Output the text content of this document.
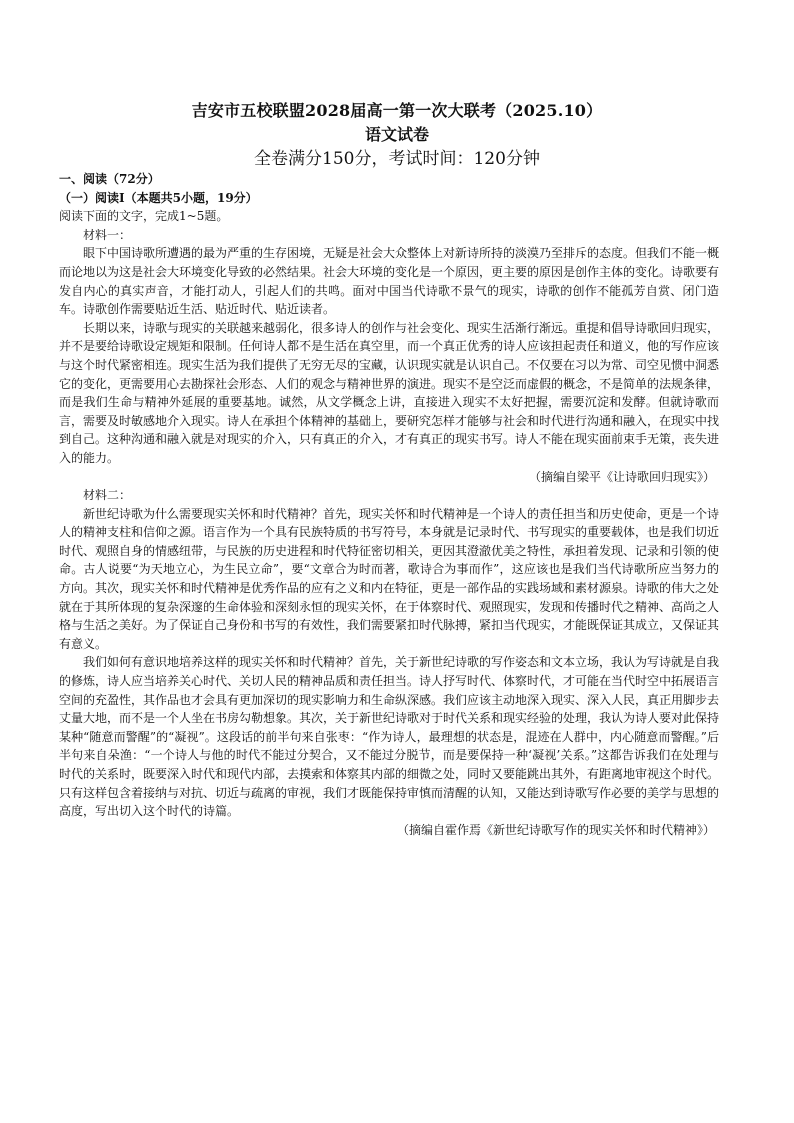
吉安市五校联盟2028届高一第一次大联考（2025.10）
语文试卷
全卷满分150分，考试时间：120分钟

一、阅读（72分）

（一）阅读Ⅰ（本题共5小题，19分）

阅读下面的文字，完成1~5题。

材料一：

眼下中国诗歌所遭遇的最为严重的生存困境，无疑是社会大众整体上对新诗所持的淡漠乃至排斥的态度。但我们不能一概而论地以为这是社会大环境变化导致的必然结果。社会大环境的变化是一个原因，更主要的原因是创作主体的变化。诗歌要有发自内心的真实声音，才能打动人，引起人们的共鸣。面对中国当代诗歌不景气的现实，诗歌的创作不能孤芳自赏、闭门造车。诗歌创作需要贴近生活、贴近时代、贴近读者。

长期以来，诗歌与现实的关联越来越弱化，很多诗人的创作与社会变化、现实生活渐行渐远。重提和倡导诗歌回归现实，并不是要给诗歌设定规矩和限制。任何诗人都不是生活在真空里，而一个真正优秀的诗人应该担起责任和道义，他的写作应该与这个时代紧密相连。现实生活为我们提供了无穷无尽的宝藏，认识现实就是认识自己。不仅要在习以为常、司空见惯中洞悉它的变化，更需要用心去勘探社会形态、人们的观念与精神世界的演进。现实不是空泛而虚假的概念，不是简单的法规条律，而是我们生命与精神外延展的重要基地。诚然，从文学概念上讲，直接进入现实不太好把握，需要沉淀和发酵。但就诗歌而言，需要及时敏感地介入现实。诗人在承担个体精神的基础上，要研究怎样才能够与社会和时代进行沟通和融入，在现实中找到自己。这种沟通和融入就是对现实的介入，只有真正的介入，才有真正的现实书写。诗人不能在现实面前束手无策，丧失进入的能力。

（摘编自梁平《让诗歌回归现实》）

材料二：

新世纪诗歌为什么需要现实关怀和时代精神？首先，现实关怀和时代精神是一个诗人的责任担当和历史使命，更是一个诗人的精神支柱和信仰之源。语言作为一个具有民族特质的书写符号，本身就是记录时代、书写现实的重要载体，也是我们切近时代、观照自身的情感纽带，与民族的历史进程和时代特征密切相关，更因其澄澈优美之特性，承担着发现、记录和引领的使命。古人说要“为天地立心，为生民立命”，要“文章合为时而著，歌诗合为事而作”，这应该也是我们当代诗歌所应当努力的方向。其次，现实关怀和时代精神是优秀作品的应有之义和内在特征，更是一部作品的实践场域和素材源泉。诗歌的伟大之处就在于其所体现的复杂深邃的生命体验和深刻永恒的现实关怀，在于体察时代、观照现实，发现和传播时代之精神、高尚之人格与生活之美好。为了保证自己身份和书写的有效性，我们需要紧扣时代脉搏，紧扣当代现实，才能既保证其成立，又保证其有意义。

我们如何有意识地培养这样的现实关怀和时代精神？首先，关于新世纪诗歌的写作姿态和文本立场，我认为写诗就是自我的修炼，诗人应当培养关心时代、关切人民的精神品质和责任担当。诗人抒写时代、体察时代，才可能在当代时空中拓展语言空间的充盈性，其作品也才会具有更加深切的现实影响力和生命纵深感。我们应该主动地深入现实、深入人民，真正用脚步去丈量大地，而不是一个人坐在书房勾勒想象。其次，关于新世纪诗歌对于时代关系和现实经验的处理，我认为诗人要对此保持某种“随意而警醒”的“凝视”。这段话的前半句来自张枣：“作为诗人，最理想的状态是，混迹在人群中，内心随意而警醒。”后半句来自朵渔：“一个诗人与他的时代不能过分契合，又不能过分脱节，而是要保持一种‘凝视’关系。”这都告诉我们在处理与时代的关系时，既要深入时代和现代内部，去摸索和体察其内部的细微之处，同时又要能跳出其外，有距离地审视这个时代。只有这样包含着接纳与对抗、切近与疏离的审视，我们才既能保持审慎而清醒的认知，又能达到诗歌写作必要的美学与思想的高度，写出切入这个时代的诗篇。

（摘编自霍作焉《新世纪诗歌写作的现实关怀和时代精神》）
